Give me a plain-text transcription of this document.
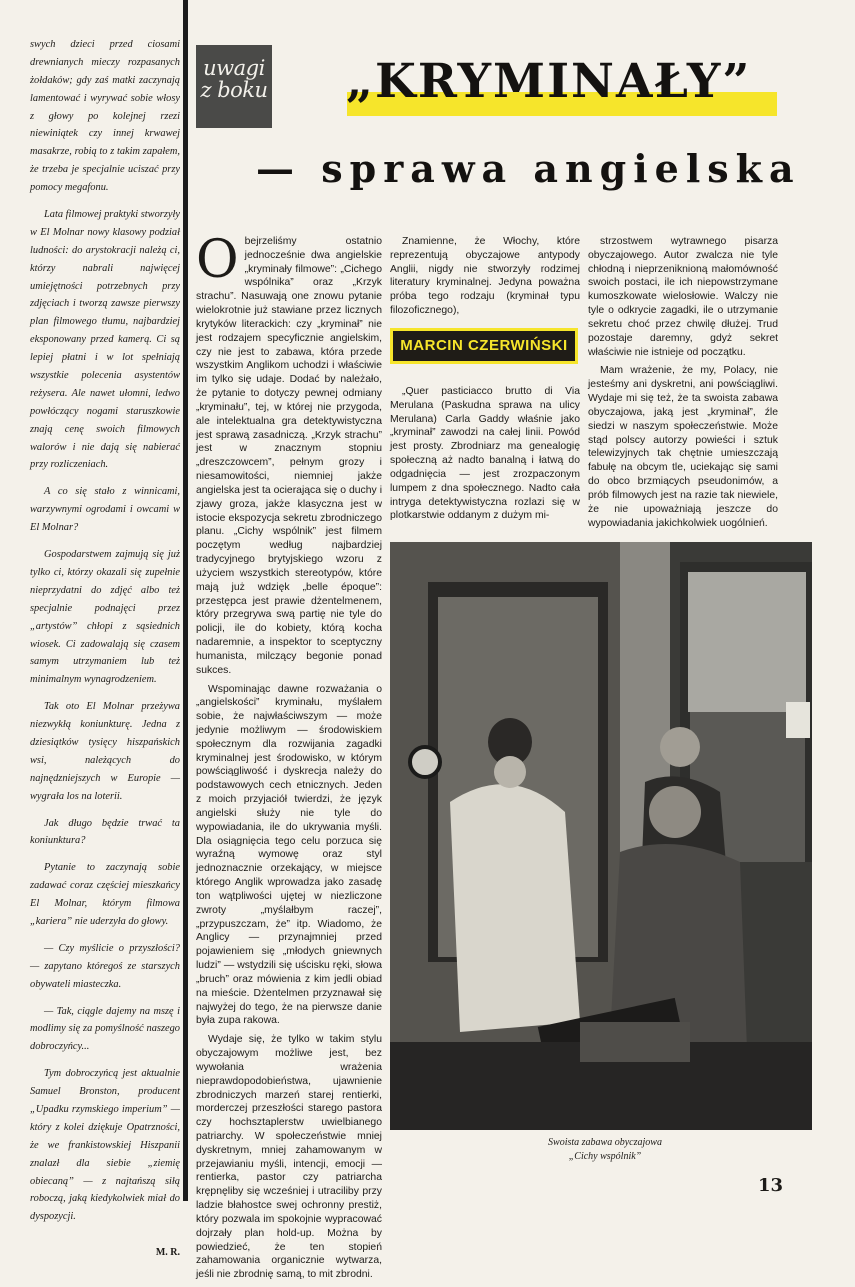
swych dzieci przed ciosami drewnianych mieczy rozpasanych żołdaków; gdy zaś matki zaczynają lamentować i wyrywać sobie włosy z głowy po kolejnej rzezi niewiniątek czy innej krwawej masakrze, robią to z takim zapałem, że trzeba je specjalnie uciszać przy pomocy megafonu.

Lata filmowej praktyki stworzyły w El Molnar nowy klasowy podział ludności: do arystokracji należą ci, którzy nabrali najwięcej umiejętności potrzebnych przy zdjęciach i tworzą zawsze pierwszy plan filmowego tłumu, najbardziej eksponowany przed kamerą. Ci są lepiej płatni i w lot spełniają wszystkie polecenia asystentów reżysera. Ale nawet ułomni, ledwo powłóczący nogami staruszkowie znają cenę swoich filmowych walorów i nie dają się nabierać przy rozliczeniach.

A co się stało z winnicami, warzywnymi ogrodami i owcami w El Molnar?

Gospodarstwem zajmują się już tylko ci, którzy okazali się zupełnie nieprzydatni do zdjęć albo też specjalnie podnajęci przez „artystów” chłopi z sąsiednich wiosek. Ci zadowalają się czasem samym utrzymaniem lub też minimalnym wynagrodzeniem.

Tak oto El Molnar przeżywa niezwykłą koniunkturę. Jedna z dziesiątków tysięcy hiszpańskich wsi, należących do najnędzniejszych w Europie — wygrała los na loterii.

Jak długo będzie trwać ta koniunktura?

Pytanie to zaczynają sobie zadawać coraz częściej mieszkańcy El Molnar, którym filmowa „kariera” nie uderzyła do głowy.

— Czy myślicie o przyszłości? — zapytano któregoś ze starszych obywateli miasteczka.

— Tak, ciągle dajemy na mszę i modlimy się za pomyślność naszego dobroczyńcy...

Tym dobroczyńcą jest aktualnie Samuel Bronston, producent „Upadku rzymskiego imperium” — który z kolei dziękuje Opatrzności, że we frankistowskiej Hiszpanii znalazł dla siebie „ziemię obiecaną” — z najtańszą siłą roboczą, jaką kiedykolwiek miał do dyspozycji.

M. R.

uwagi
z boku „KRYMINAŁY”
— sprawa angielska

Obejrzeliśmy ostatnio jednocześnie dwa angielskie „kryminały filmowe”: „Cichego wspólnika” oraz „Krzyk strachu”. Nasuwają one znowu pytanie wielokrotnie już stawiane przez licznych krytyków literackich: czy „kryminał” nie jest rodzajem specyficznie angielskim, czy nie jest to zabawa, która przede wszystkim Anglikom uchodzi i właściwie im tylko się udaje. Dodać by należało, że pytanie to dotyczy pewnej odmiany „kryminału”, tej, w której nie przygoda, ale intelektualna gra detektywistyczna jest sprawą zasadniczą. „Krzyk strachu” jest w znacznym stopniu „dreszczowcem”, pełnym grozy i niesamowitości, niemniej jakże angielska jest ta ocierająca się o duchy i zjawy groza, jakże klasyczna jest w istocie ekspozycja sekretu zbrodniczego planu. „Cichy wspólnik” jest filmem poczętym według najbardziej tradycyjnego brytyjskiego wzoru z użyciem wszystkich stereotypów, które mają już wdzięk „belle époque”: przestępca jest prawie dżentelmenem, który przegrywa swą partię nie tyle do policji, ile do kobiety, którą kocha nadaremnie, a inspektor to sceptyczny humanista, milczący begonie ponad sukces.

Wspominając dawne rozważania o „angielskości” kryminału, myślałem sobie, że najwłaściwszym — może jedynie możliwym — środowiskiem społecznym dla rozwijania zagadki kryminalnej jest środowisko, w którym powściągliwość i dyskrecja należy do podstawowych cech etnicznych. Jeden z moich przyjaciół twierdzi, że język angielski służy nie tyle do wypowiadania, ile do ukrywania myśli. Dla osiągnięcia tego celu porzuca się wyraźną wymowę oraz styl jednoznacznie orzekający, w miejsce którego Anglik wprowadza jako zasadę ton wątpliwości ujętej w niezliczone zwroty „myślałbym raczej”, „przypuszczam, że” itp. Wiadomo, że Anglicy — przynajmniej przed pojawieniem się „młodych gniewnych ludzi” — wstydzili się uścisku ręki, słowa „bruch” oraz mówienia z kim jedli obiad na mieście. Dżentelmen przyznawał się najwyżej do tego, że na pierwsze danie była zupa rakowa.

Wydaje się, że tylko w takim stylu obyczajowym możliwe jest, bez wywołania wrażenia nieprawdopodobieństwa, ujawnienie zbrodniczych marzeń starej rentierki, morderczej przeszłości starego pastora czy hochsztaplerstw uwielbianego patriarchy. W społeczeństwie mniej dyskretnym, mniej zahamowanym w przejawianiu myśli, intencji, emocji — rentierka, pastor czy patriarcha krępnęliby się wcześniej i utraciliby przy ladzie błahostce swej ochronny prestiż, który pozwala im spokojnie wypracować dojrzały plan hold-up. Można by powiedzieć, że ten stopień zahamowania organicznie wytwarza, jeśli nie zbrodnię samą, to mit zbrodni.

Znamienne, że Włochy, które reprezentują obyczajowe antypody Anglii, nigdy nie stworzyły rodzimej literatury kryminalnej. Jedyna poważna próba tego rodzaju (kryminał typu filozoficznego),

MARCIN CZERWIŃSKI

„Quer pasticiacco brutto di Via Merulana (Paskudna sprawa na ulicy Merulana) Carla Gaddy właśnie jako „kryminał” zawodzi na całej linii. Powód jest prosty. Zbrodniarz ma genealogię społeczną aż nadto banalną i łatwą do odgadnięcia — jest zrozpaczonym lumpem z dna społecznego. Nadto cała intryga detektywistyczna rozlazi się w plotkarstwie oddanym z dużym mi-

strzostwem wytrawnego pisarza obyczajowego. Autor zwalcza nie tyle chłodną i nieprzeniknioną małomówność swoich postaci, ile ich niepowstrzymane kumoszkowate wielosłowie. Walczy nie tyle o odkrycie zagadki, ile o utrzymanie sekretu choć przez chwilę dłużej. Trud pozostaje daremny, gdyż sekret właściwie nie istnieje od początku.

Mam wrażenie, że my, Polacy, nie jesteśmy ani dyskretni, ani powściągliwi. Wydaje mi się też, że ta swoista zabawa obyczajowa, jaką jest „kryminał”, źle siedzi w naszym społeczeństwie. Może stąd polscy autorzy powieści i sztuk telewizyjnych tak chętnie umieszczają fabułę na obcym tle, uciekając się sami do obco brzmiących pseudonimów, a prób filmowych jest na razie tak niewiele, że nie upoważniają jeszcze do wypowiadania jakichkolwiek uogólnień.

Swoista zabawa obyczajowa
„Cichy wspólnik”
13
